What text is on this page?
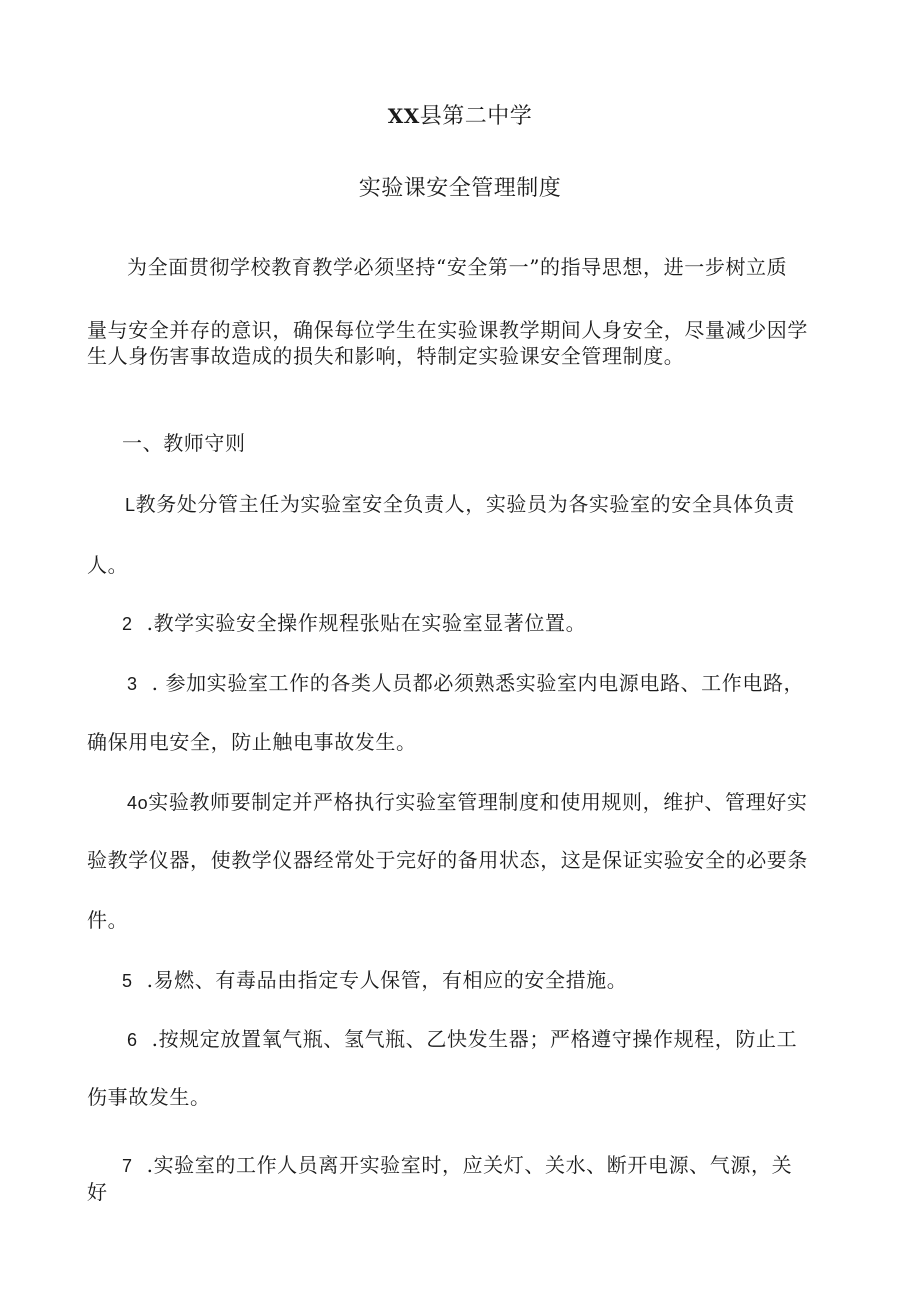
XX县第二中学
实验课安全管理制度
为全面贯彻学校教育教学必须坚持“安全第一”的指导思想，进一步树立质
量与安全并存的意识，确保每位学生在实验课教学期间人身安全，尽量减少因学
生人身伤害事故造成的损失和影响，特制定实验课安全管理制度。
一、教师守则
L教务处分管主任为实验室安全负责人，实验员为各实验室的安全具体负责
人。
2 .教学实验安全操作规程张贴在实验室显著位置。
3 . 参加实验室工作的各类人员都必须熟悉实验室内电源电路、工作电路，
确保用电安全，防止触电事故发生。
4o实验教师要制定并严格执行实验室管理制度和使用规则，维护、管理好实
验教学仪器，使教学仪器经常处于完好的备用状态，这是保证实验安全的必要条
件。
5 .易燃、有毒品由指定专人保管，有相应的安全措施。
6 .按规定放置氧气瓶、氢气瓶、乙快发生器；严格遵守操作规程，防止工
伤事故发生。
7 .实验室的工作人员离开实验室时，应关灯、关水、断开电源、气源，关
好
